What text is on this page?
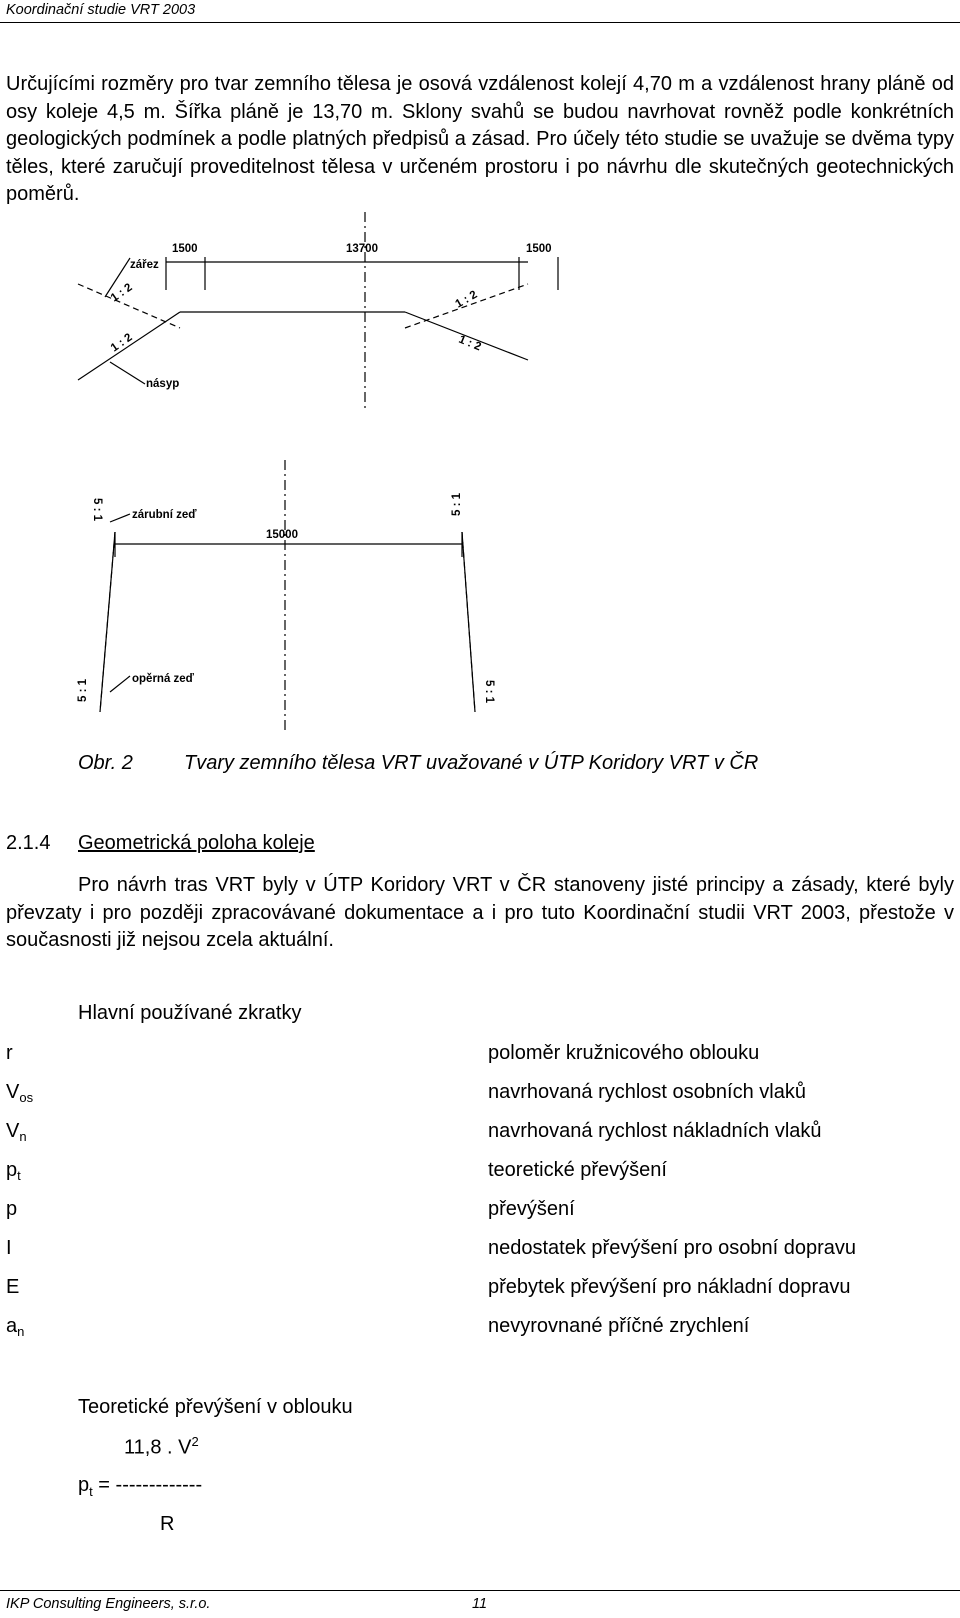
Koordinační studie VRT 2003
Určujícími rozměry pro tvar zemního tělesa je osová vzdálenost kolejí 4,70 m a vzdálenost hrany pláně od osy koleje 4,5 m. Šířka pláně je 13,70 m. Sklony svahů se budou navrhovat rovněž podle konkrétních geologických podmínek a podle platných předpisů a zásad. Pro účely této studie se uvažuje se dvěma typy těles, které zaručují proveditelnost tělesa v určeném prostoru i po návrhu dle skutečných geotechnických poměrů.
1500	13700	1500
zářez
násyp
1 : 2
1 : 2
1 : 2
1 : 2
zárubní zeď
15000
opěrná zeď
5 : 1	5 : 1
5 : 1	5 : 1
Obr. 2	Tvary zemního tělesa VRT uvažované v ÚTP Koridory VRT v ČR
2.1.4 Geometrická poloha koleje
Pro návrh tras VRT byly v ÚTP Koridory VRT v ČR stanoveny jisté principy a zásady, které byly převzaty i pro později zpracovávané dokumentace a i pro tuto Koordinační studii VRT 2003, přestože v současnosti již nejsou zcela aktuální.
Hlavní používané zkratky
r	poloměr kružnicového oblouku
$V_{os}$	navrhovaná rychlost osobních vlaků
$V_n$	navrhovaná rychlost nákladních vlaků
$p_t$	teoretické převýšení
p	převýšení
I	nedostatek převýšení pro osobní dopravu
E	přebytek převýšení pro nákladní dopravu
$a_n$	nevyrovnané příčné zrychlení
Teoretické převýšení v oblouku
11,8 . $V^2$
$p_t$ = -------------
R
IKP Consulting Engineers, s.r.o.	11
